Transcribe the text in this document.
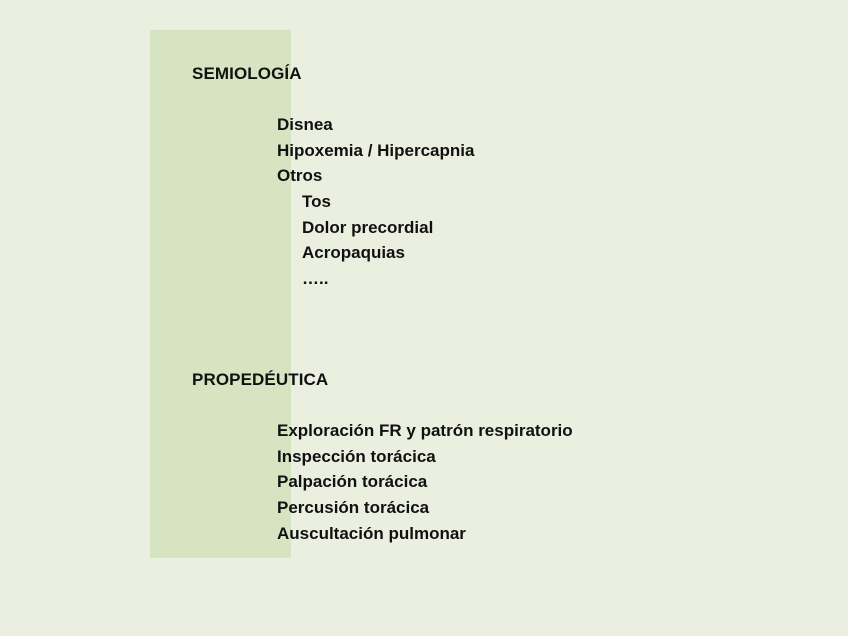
SEMIOLOGÍA
Disnea
Hipoxemia / Hipercapnia
Otros
Tos
Dolor precordial
Acropaquias
…..
PROPEDÉUTICA
Exploración FR y patrón respiratorio
Inspección torácica
Palpación torácica
Percusión torácica
Auscultación pulmonar
